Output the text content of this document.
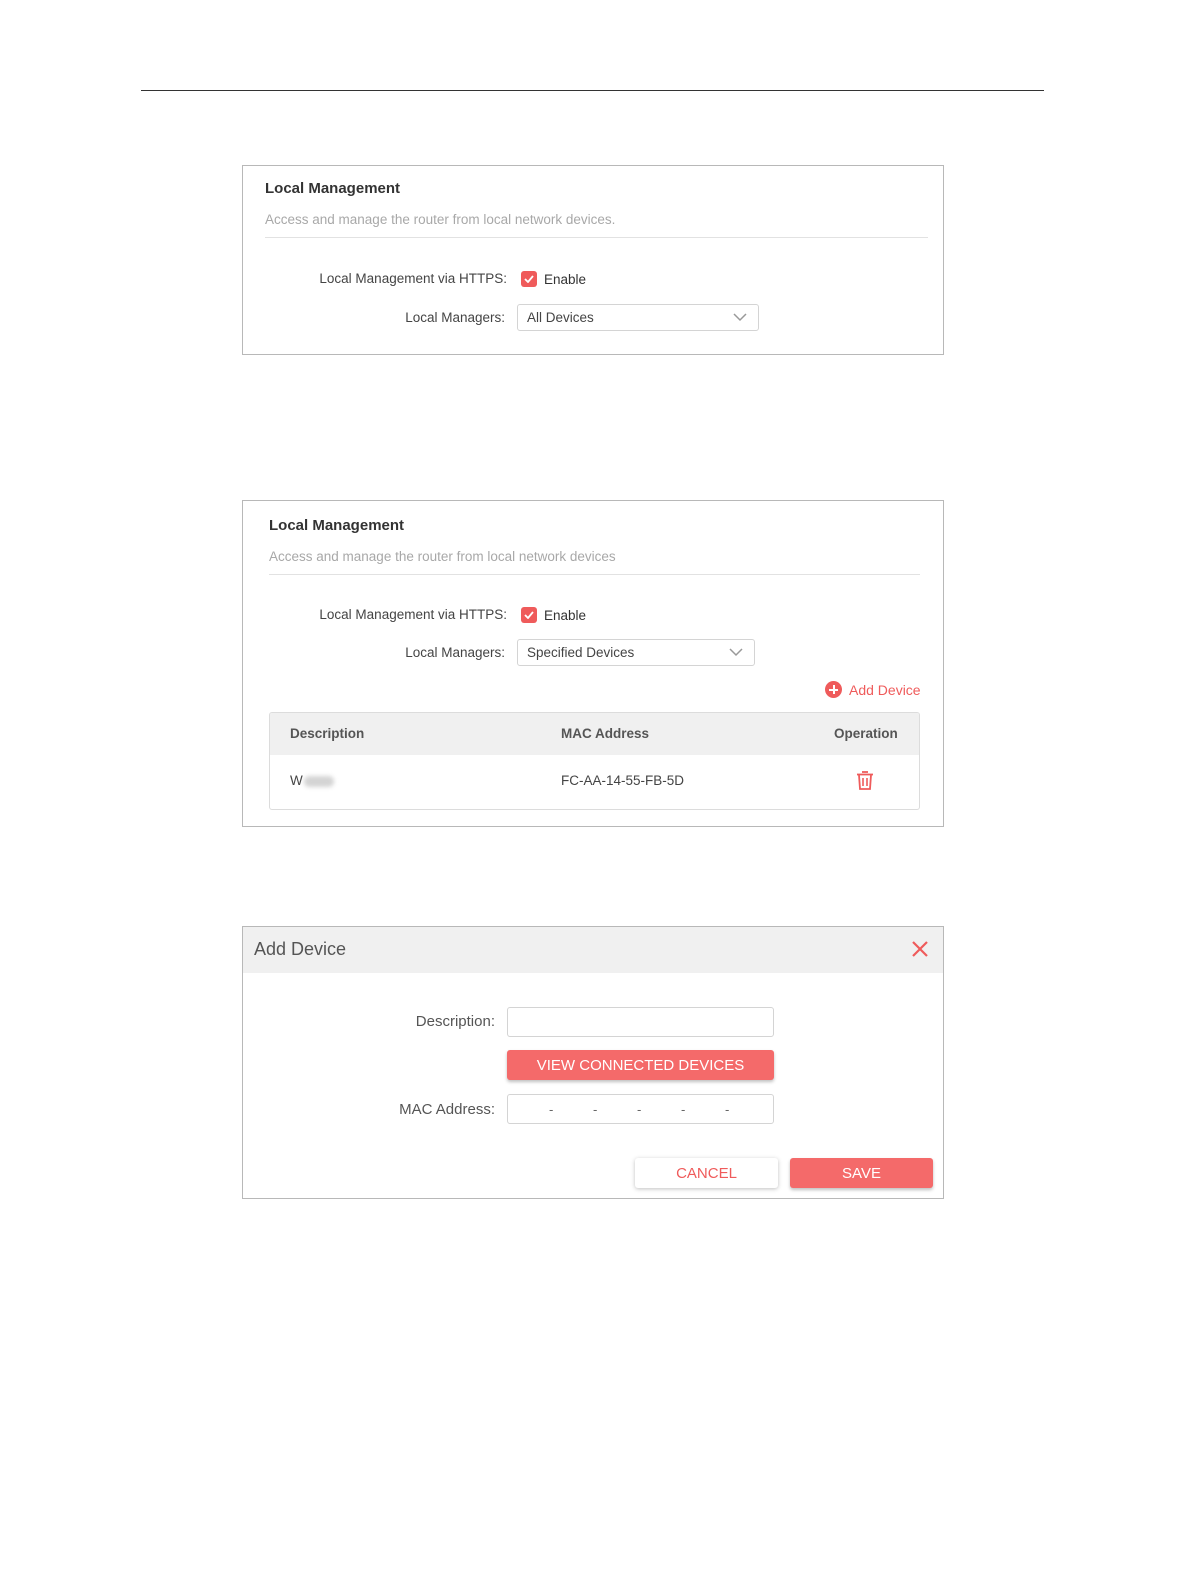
Local Management
Access and manage the router from local network devices.
Local Management via HTTPS:	Enable
Local Managers: All Devices
Local Management
Access and manage the router from local network devices
Local Management via HTTPS:	Enable
Local Managers: Specified Devices
Add Device
Description	MAC Address	Operation
W	FC-AA-14-55-FB-5D
Add Device
Description:
VIEW CONNECTED DEVICES
MAC Address:	-	-	-	-	-
CANCEL	SAVE
